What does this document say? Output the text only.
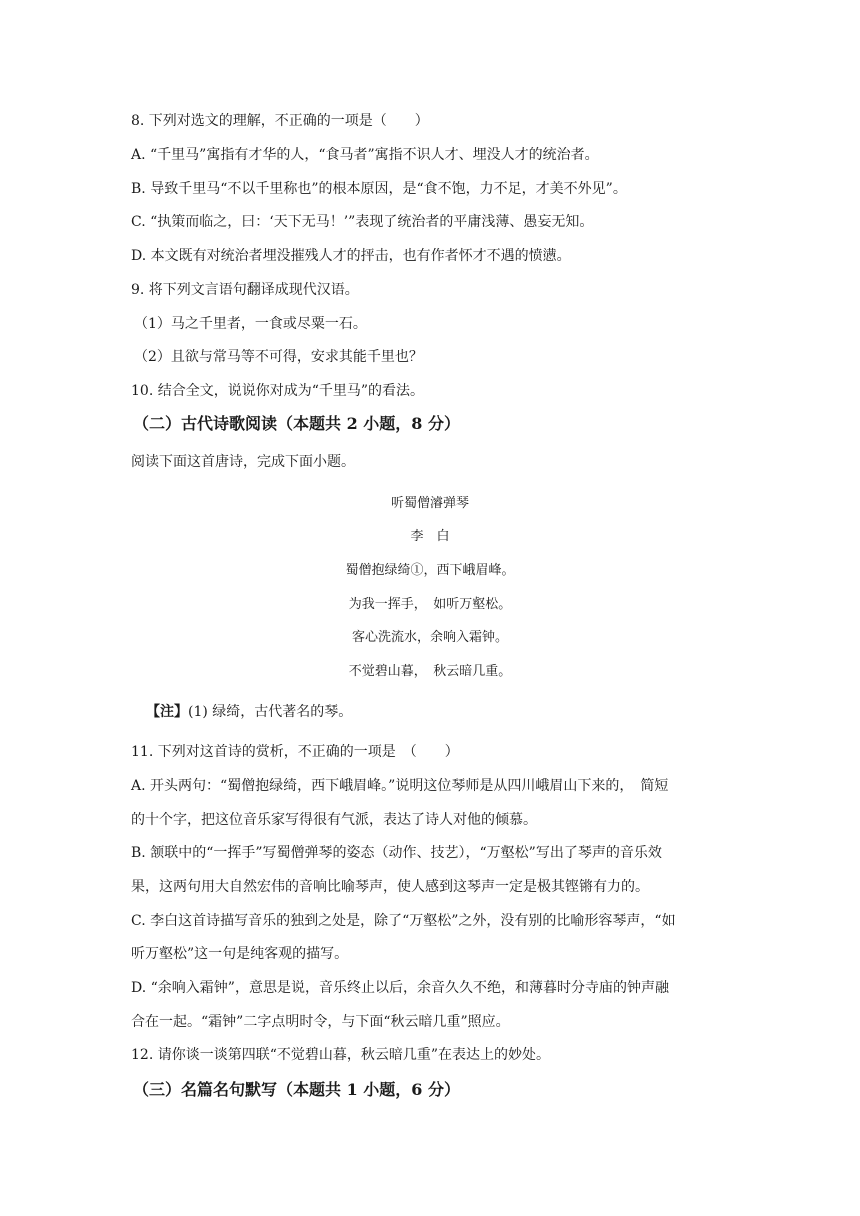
8. 下列对选文的理解，不正确的一项是（　　）
A. “千里马”寓指有才华的人，“食马者”寓指不识人才、埋没人才的统治者。
B. 导致千里马“不以千里称也”的根本原因，是“食不饱，力不足，才美不外见”。
C. “执策而临之，曰：‘天下无马！’”表现了统治者的平庸浅薄、愚妄无知。
D. 本文既有对统治者埋没摧残人才的抨击，也有作者怀才不遇的愤懑。
9. 将下列文言语句翻译成现代汉语。
（1）马之千里者，一食或尽粟一石。
（2）且欲与常马等不可得，安求其能千里也？
10. 结合全文，说说你对成为“千里马”的看法。
（二）古代诗歌阅读（本题共 2 小题，8 分）
阅读下面这首唐诗，完成下面小题。
听蜀僧濬弹琴
李　白
蜀僧抱绿绮①，西下峨眉峰。
为我一挥手，　如听万壑松。
客心洗流水，余响入霜钟。
不觉碧山暮，　秋云暗几重。
【注】(1) 绿绮，古代著名的琴。
11. 下列对这首诗的赏析，不正确的一项是　（　　）
A. 开头两句：“蜀僧抱绿绮，西下峨眉峰。”说明这位琴师是从四川峨眉山下来的，　简短
的十个字，把这位音乐家写得很有气派，表达了诗人对他的倾慕。
B. 颔联中的“一挥手”写蜀僧弹琴的姿态（动作、技艺），“万壑松”写出了琴声的音乐效
果，这两句用大自然宏伟的音响比喻琴声，使人感到这琴声一定是极其铿锵有力的。
C. 李白这首诗描写音乐的独到之处是，除了“万壑松”之外，没有别的比喻形容琴声，“如
听万壑松”这一句是纯客观的描写。
D. “余响入霜钟”，意思是说，音乐终止以后，余音久久不绝，和薄暮时分寺庙的钟声融
合在一起。“霜钟”二字点明时令，与下面“秋云暗几重”照应。
12. 请你谈一谈第四联“不觉碧山暮，秋云暗几重”在表达上的妙处。
（三）名篇名句默写（本题共 1 小题，6 分）
